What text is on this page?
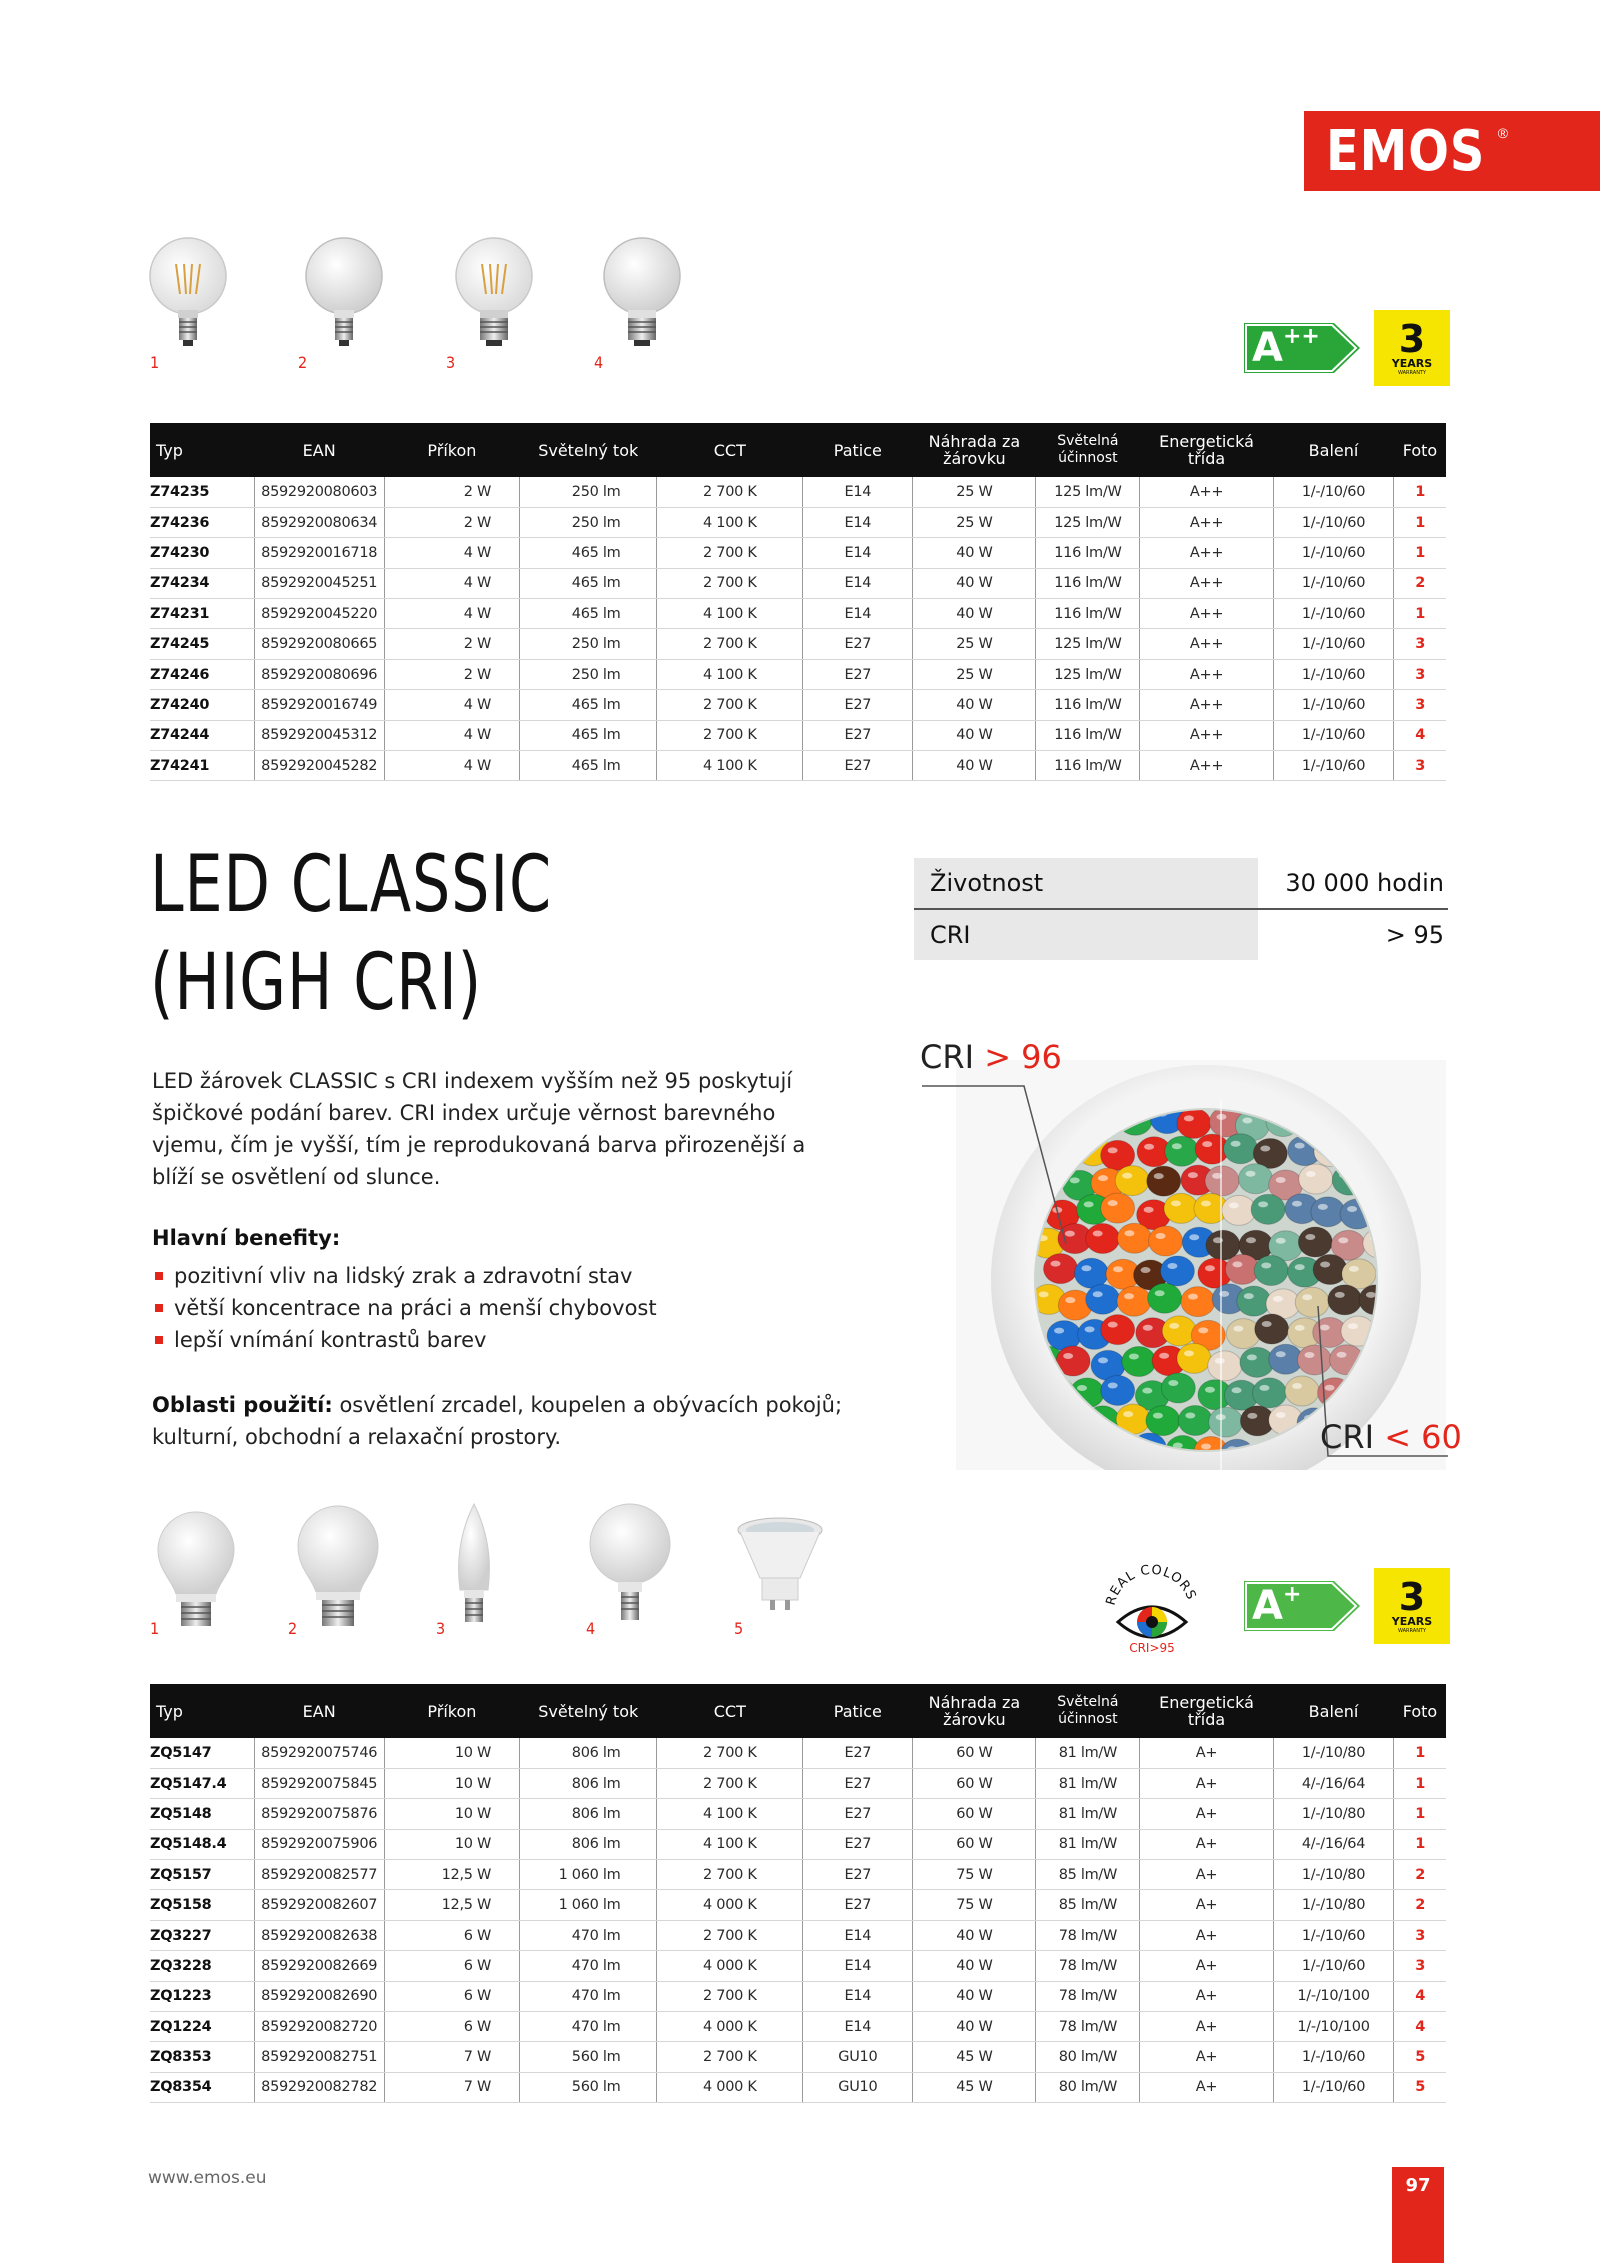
EMOS ®
1	2	3	4	A++ 3
YEARS
WARRANTY
Typ	EAN	Příkon	Světelný tok	CCT	Patice	Náhrada za žárovku	Světelná účinnost	Energetická třída	Balení	Foto
Z74235	8592920080603	2 W	250 lm	2 700 K	E14	25 W	125 lm/W	A++	1/-/10/60	1
Z74236	8592920080634	2 W	250 lm	4 100 K	E14	25 W	125 lm/W	A++	1/-/10/60	1
Z74230	8592920016718	4 W	465 lm	2 700 K	E14	40 W	116 lm/W	A++	1/-/10/60	1
Z74234	8592920045251	4 W	465 lm	2 700 K	E14	40 W	116 lm/W	A++	1/-/10/60	2
Z74231	8592920045220	4 W	465 lm	4 100 K	E14	40 W	116 lm/W	A++	1/-/10/60	1
Z74245	8592920080665	2 W	250 lm	2 700 K	E27	25 W	125 lm/W	A++	1/-/10/60	3
Z74246	8592920080696	2 W	250 lm	4 100 K	E27	25 W	125 lm/W	A++	1/-/10/60	3
Z74240	8592920016749	4 W	465 lm	2 700 K	E27	40 W	116 lm/W	A++	1/-/10/60	3
Z74244	8592920045312	4 W	465 lm	2 700 K	E27	40 W	116 lm/W	A++	1/-/10/60	4
Z74241	8592920045282	4 W	465 lm	4 100 K	E27	40 W	116 lm/W	A++	1/-/10/60	3
LED CLASSIC
(HIGH CRI)

LED žárovek CLASSIC s CRI indexem vyšším než 95 poskytují špičkové podání barev. CRI index určuje věrnost barevného vjemu, čím je vyšší, tím je reprodukovaná barva přirozenější a blíží se osvětlení od slunce.

Hlavní benefity:
pozitivní vliv na lidský zrak a zdravotní stav
větší koncentrace na práci a menší chybovost
lepší vnímání kontrastů barev

Oblasti použití: osvětlení zrcadel, koupelen a obývacích pokojů; kulturní, obchodní a relaxační prostory.

Životnost	30 000 hodin
CRI	> 95
CRI > 96
CRI < 60
1	2	3	4	5
REAL COLORS
CRI>95
A+	3
YEARS
WARRANTY
Typ	EAN	Příkon	Světelný tok	CCT	Patice	Náhrada za žárovku	Světelná účinnost	Energetická třída	Balení	Foto
ZQ5147	8592920075746	10 W	806 lm	2 700 K	E27	60 W	81 lm/W	A+	1/-/10/80	1
ZQ5147.4	8592920075845	10 W	806 lm	2 700 K	E27	60 W	81 lm/W	A+	4/-/16/64	1
ZQ5148	8592920075876	10 W	806 lm	4 100 K	E27	60 W	81 lm/W	A+	1/-/10/80	1
ZQ5148.4	8592920075906	10 W	806 lm	4 100 K	E27	60 W	81 lm/W	A+	4/-/16/64	1
ZQ5157	8592920082577	12,5 W	1 060 lm	2 700 K	E27	75 W	85 lm/W	A+	1/-/10/80	2
ZQ5158	8592920082607	12,5 W	1 060 lm	4 000 K	E27	75 W	85 lm/W	A+	1/-/10/80	2
ZQ3227	8592920082638	6 W	470 lm	2 700 K	E14	40 W	78 lm/W	A+	1/-/10/60	3
ZQ3228	8592920082669	6 W	470 lm	4 000 K	E14	40 W	78 lm/W	A+	1/-/10/60	3
ZQ1223	8592920082690	6 W	470 lm	2 700 K	E14	40 W	78 lm/W	A+	1/-/10/100	4
ZQ1224	8592920082720	6 W	470 lm	4 000 K	E14	40 W	78 lm/W	A+	1/-/10/100	4
ZQ8353	8592920082751	7 W	560 lm	2 700 K	GU10	45 W	80 lm/W	A+	1/-/10/60	5
ZQ8354	8592920082782	7 W	560 lm	4 000 K	GU10	45 W	80 lm/W	A+	1/-/10/60	5
www.emos.eu	97
